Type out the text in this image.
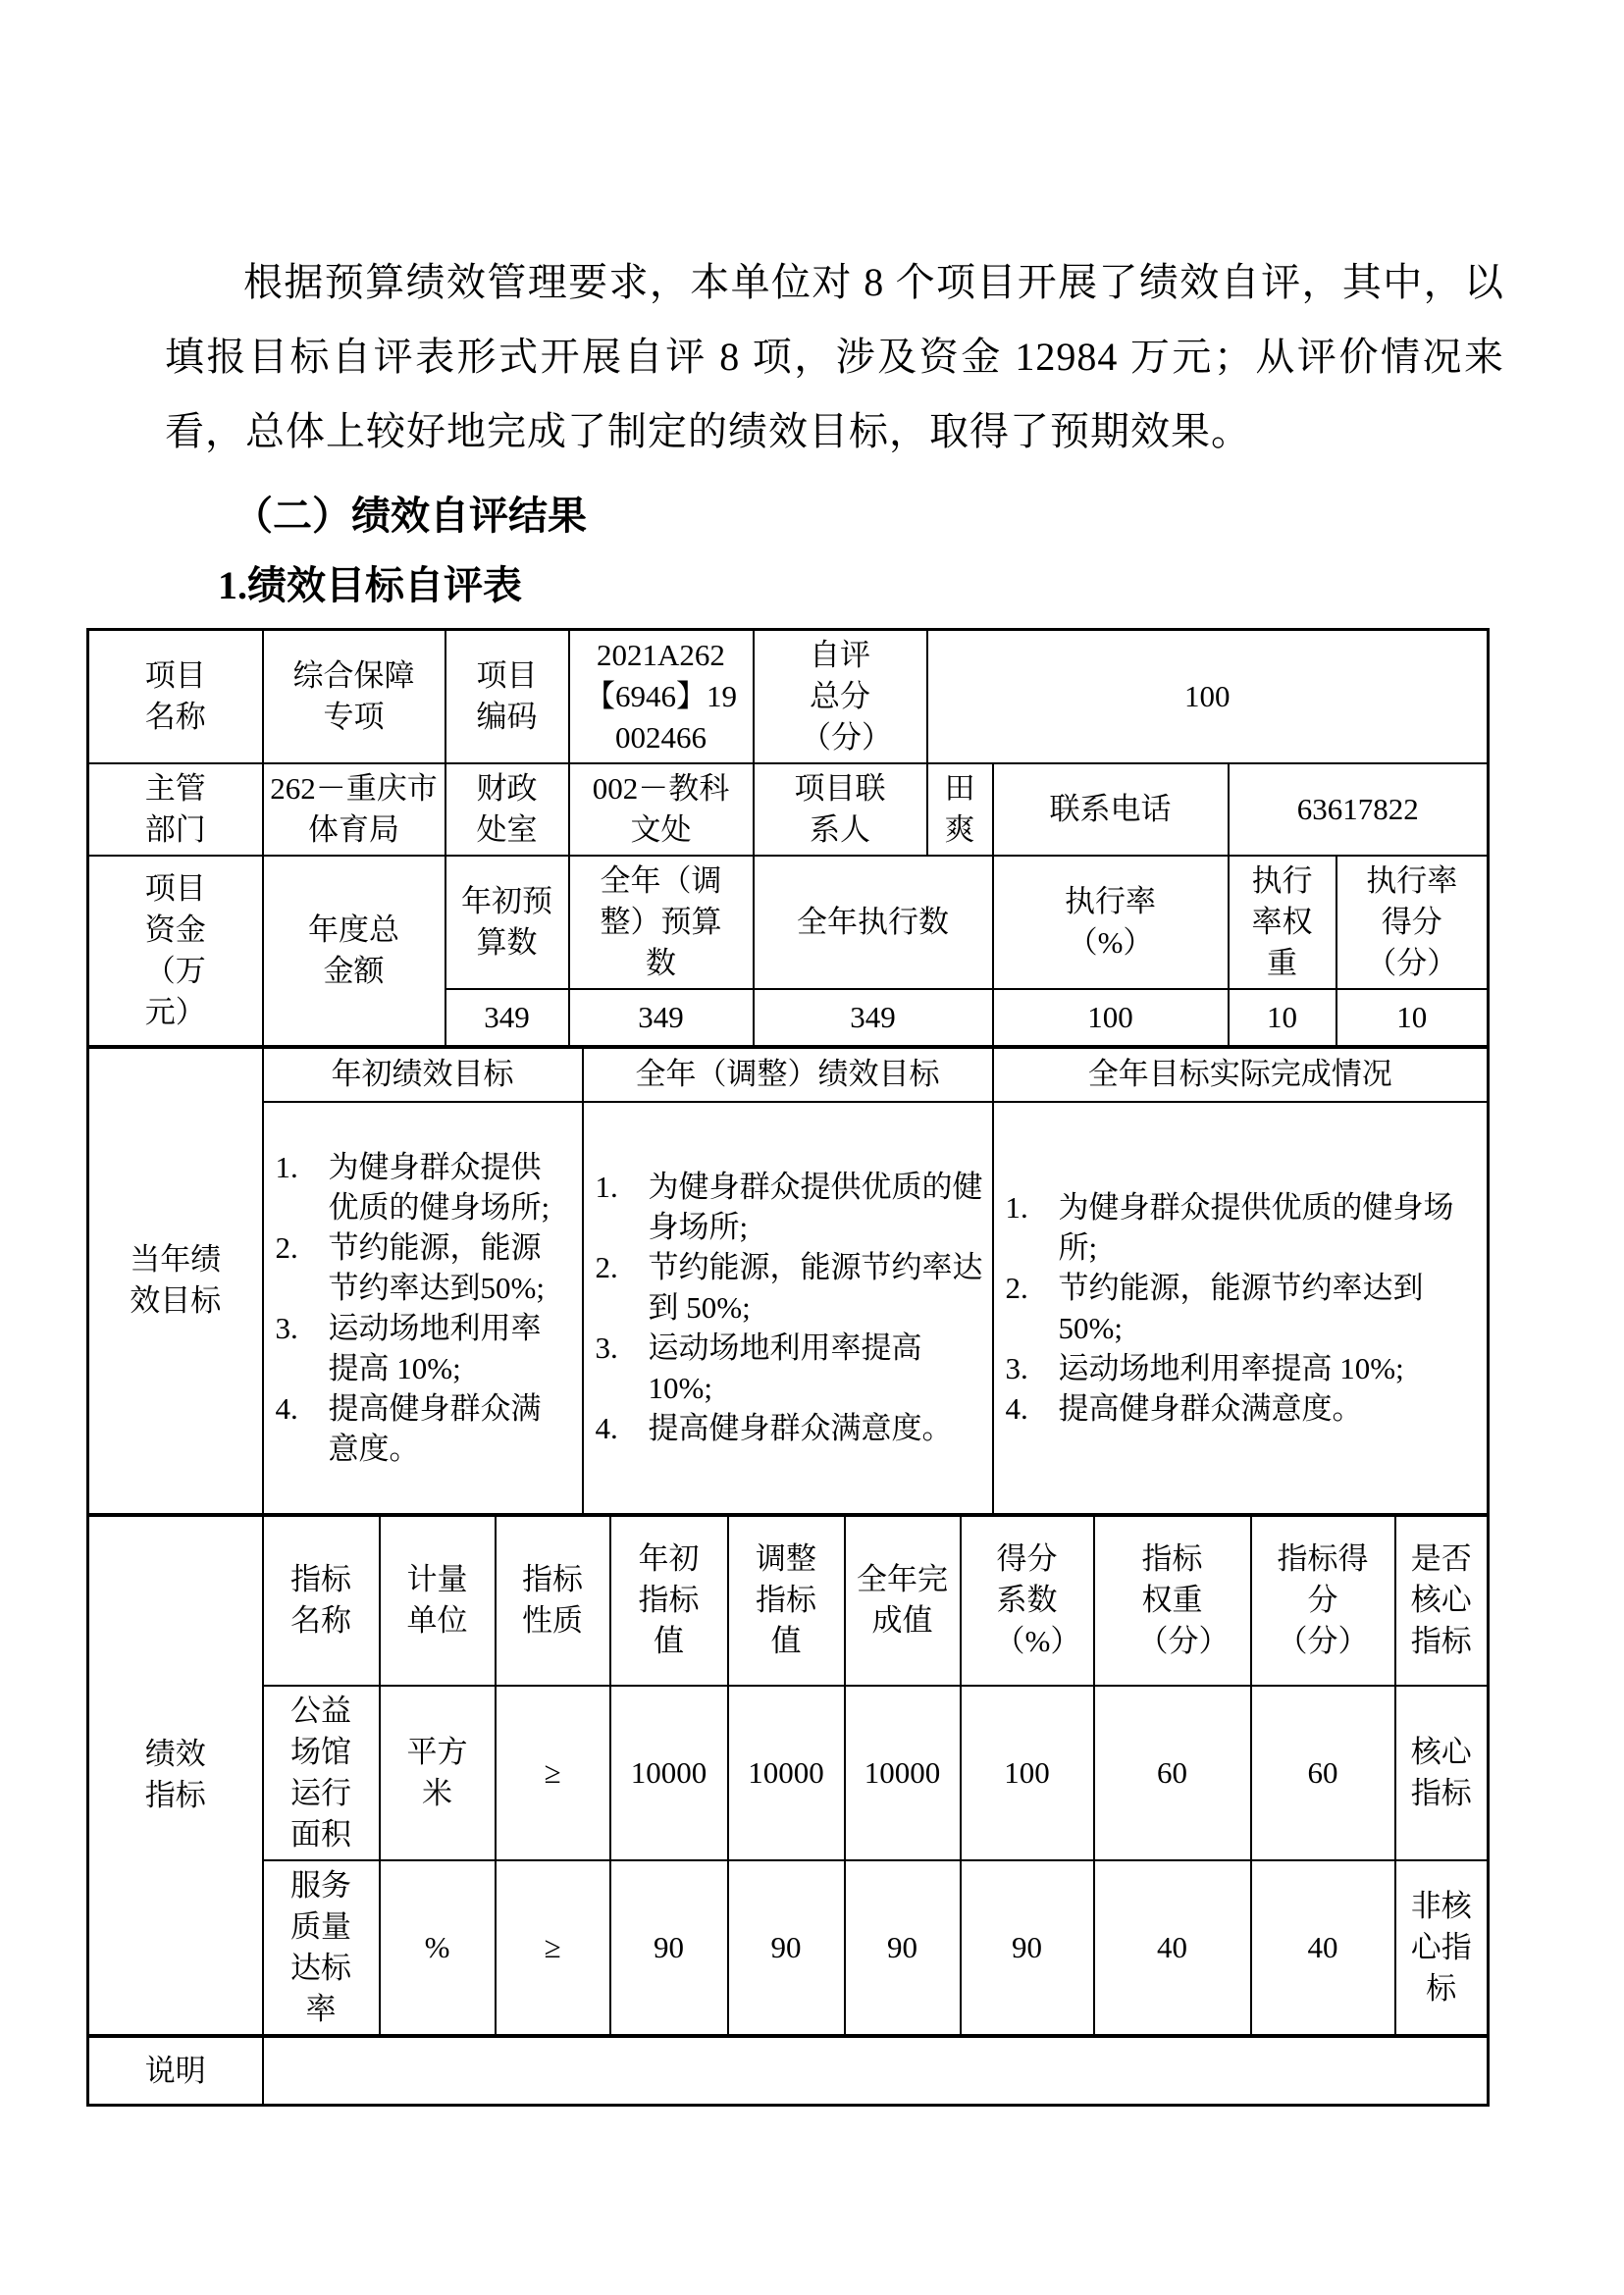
根据预算绩效管理要求，本单位对 8 个项目开展了绩效自评，其中，以填报目标自评表形式开展自评 8 项，涉及资金 12984 万元；从评价情况来看，总体上较好地完成了制定的绩效目标，取得了预期效果。
（二）绩效自评结果
1.绩效目标自评表
项目名称	综合保障专项	项目编码	2021A262【6946】19002466	自评总分（分）	100			
主管部门	262－重庆市体育局	财政处室	002－教科文处	项目联系人	田爽	联系电话	63617822	
项目资金（万元）	年度总金额	年初预算数	全年（调整）预算数	全年执行数		执行率（%）	执行率权重	执行率得分（分）
		349	349	349		100	10	10
当年绩效目标	年初绩效目标	全年（调整）绩效目标	全年目标实际完成情况

为健身群众提供优质的健身场所;
节约能源，能源节约率达到50%;
运动场地利用率提高 10%;
提高健身群众满意度。

为健身群众提供优质的健身场所;
节约能源，能源节约率达到 50%;
运动场地利用率提高 10%;
提高健身群众满意度。

为健身群众提供优质的健身场所;
节约能源，能源节约率达到 50%;
运动场地利用率提高 10%;
提高健身群众满意度。
绩效指标	指标名称	计量单位	指标性质	年初指标值	调整指标值	全年完成值	得分系数（%）	指标权重（分）	指标得分（分）	是否核心指标
	公益场馆运行面积	平方米	≥	10000	10000	10000	100	60	60	核心指标
	服务质量达标率	%	≥	90	90	90	90	40	40	非核心指标
说明	
